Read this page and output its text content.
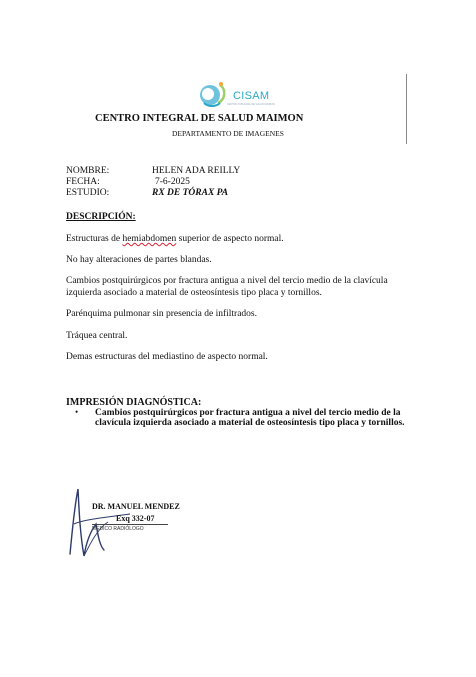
CISAM
CENTRO INTEGRAL DE SALUD MAIMON
CENTRO INTEGRAL DE SALUD MAIMON
DEPARTAMENTO DE IMAGENES
NOMBRE:	HELEN ADA REILLY
FECHA:	7-6-2025
ESTUDIO:	RX DE TÓRAX PA
DESCRIPCIÓN:
Estructuras de hemiabdomen superior de aspecto normal.
No hay alteraciones de partes blandas.
Cambios postquirúrgicos por fractura antigua a nivel del tercio medio de la clavícula izquierda asociado a material de osteosíntesis tipo placa y tornillos.
Parénquima pulmonar sin presencia de infiltrados.
Tráquea central.
Demas estructuras del mediastino de aspecto normal.
IMPRESIÓN DIAGNÓSTICA:
• Cambios postquirúrgicos por fractura antigua a nivel del tercio medio de la clavícula izquierda asociado a material de osteosíntesis tipo placa y tornillos.
DR. MANUEL MENDEZ
Exq 332-07
MÉDICO RADIÓLOGO
